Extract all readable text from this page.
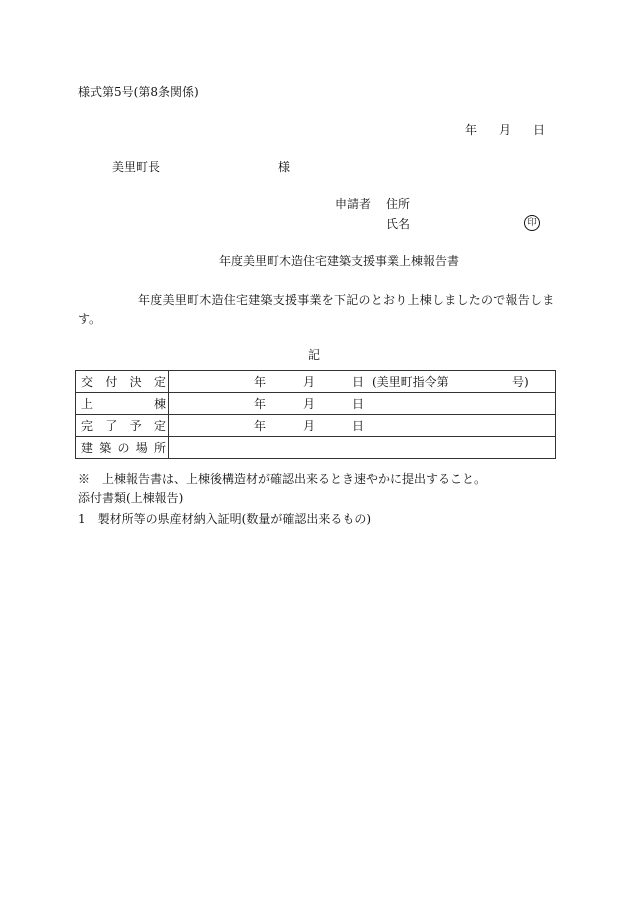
様式第5号(第8条関係)
年 月 日
美里町長	様
申請者 住所
氏名	印
年度美里町木造住宅建築支援事業上棟報告書
年度美里町木造住宅建築支援事業を下記のとおり上棟しましたので報告しま
す。
記
交 付 決 定	年 月 日 (美里町指令第 号)

上 棟	年 月 日

完 了 予 定	年 月 日

建 築 の 場 所	

※　上棟報告書は、上棟後構造材が確認出来るとき速やかに提出すること。
添付書類(上棟報告)
1　製材所等の県産材納入証明(数量が確認出来るもの)
